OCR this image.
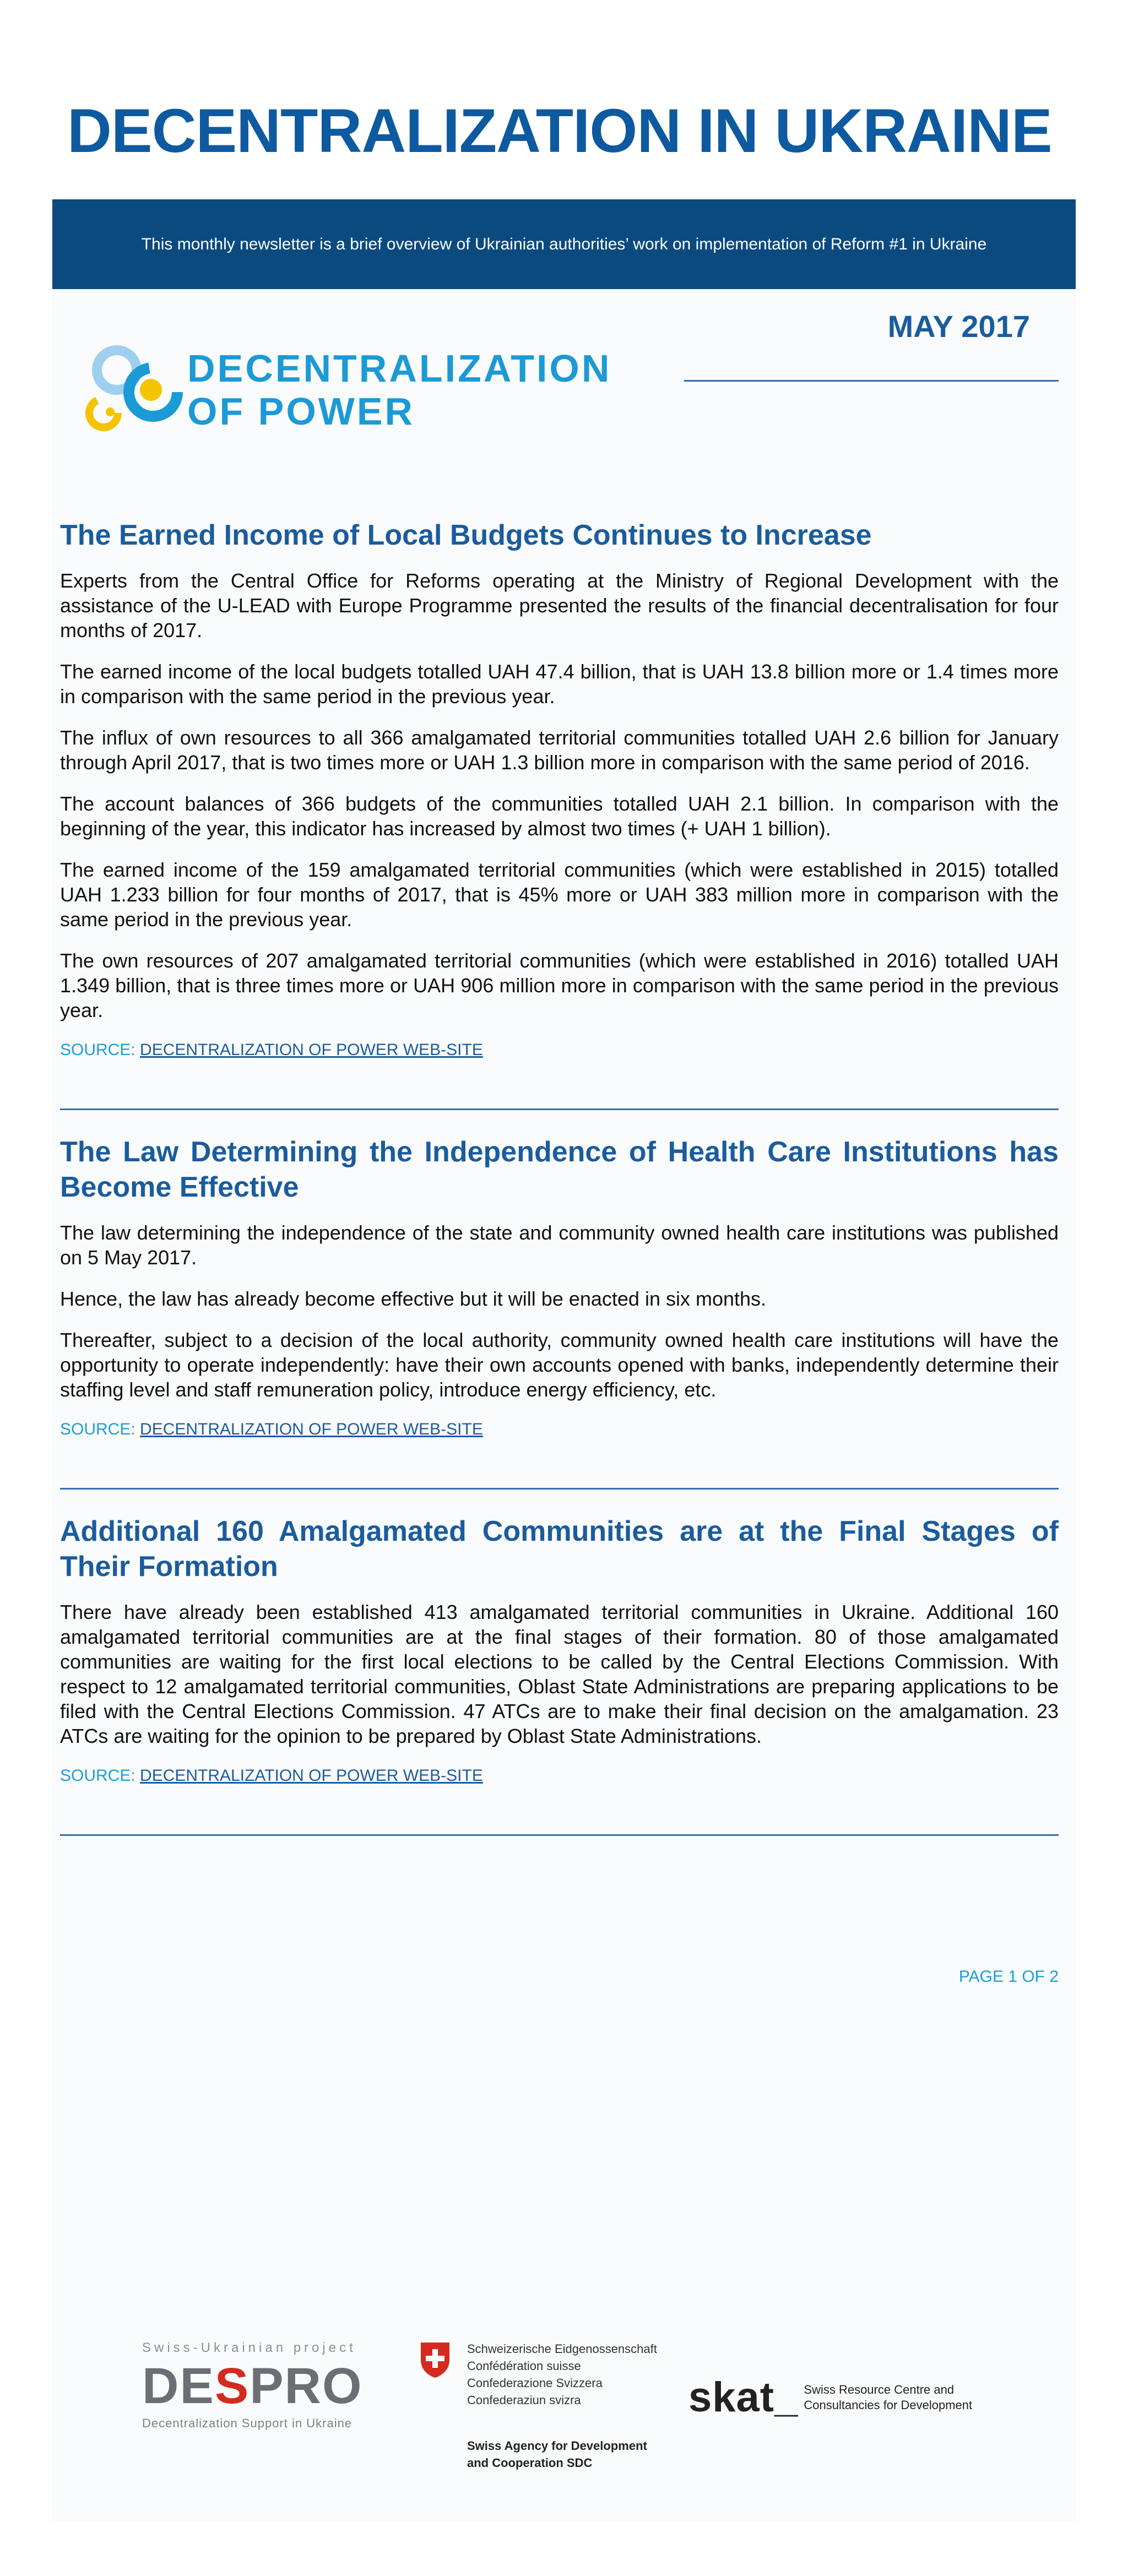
DECENTRALIZATION IN UKRAINE
This monthly newsletter is a brief overview of Ukrainian authorities’ work on implementation of Reform #1 in Ukraine
DECENTRALIZATION
OF POWER
MAY 2017
The Earned Income of Local Budgets Continues to Increase

Experts from the Central Office for Reforms operating at the Ministry of Regional Development with the assistance of the U-LEAD with Europe Programme presented the results of the financial decentralisation for four months of 2017.

The earned income of the local budgets totalled UAH 47.4 billion, that is UAH 13.8 billion more or 1.4 times more in comparison with the same period in the previous year.

The influx of own resources to all 366 amalgamated territorial communities totalled UAH 2.6 billion for January through April 2017, that is two times more or UAH 1.3 billion more in comparison with the same period of 2016.

The account balances of 366 budgets of the communities totalled UAH 2.1 billion. In comparison with the beginning of the year, this indicator has increased by almost two times (+ UAH 1 billion).

The earned income of the 159 amalgamated territorial communities (which were established in 2015) totalled UAH 1.233 billion for four months of 2017, that is 45% more or UAH 383 million more in comparison with the same period in the previous year.

The own resources of 207 amalgamated territorial communities (which were established in 2016) totalled UAH 1.349 billion, that is three times more or UAH 906 million more in comparison with the same period in the previous year.

SOURCE: DECENTRALIZATION OF POWER WEB-SITE
The Law Determining the Independence of Health Care Institutions has Become Effective

The law determining the independence of the state and community owned health care institutions was published on 5 May 2017.

Hence, the law has already become effective but it will be enacted in six months.

Thereafter, subject to a decision of the local authority, community owned health care institutions will have the opportunity to operate independently: have their own accounts opened with banks, independently determine their staffing level and staff remuneration policy, introduce energy efficiency, etc.

SOURCE: DECENTRALIZATION OF POWER WEB-SITE
Additional 160 Amalgamated Communities are at the Final Stages of Their Formation

There have already been established 413 amalgamated territorial communities in Ukraine. Additional 160 amalgamated territorial communities are at the final stages of their formation. 80 of those amalgamated communities are waiting for the first local elections to be called by the Central Elections Commission. With respect to 12 amalgamated territorial communities, Oblast State Administrations are preparing applications to be filed with the Central Elections Commission. 47 ATCs are to make their final decision on the amalgamation. 23 ATCs are waiting for the opinion to be prepared by Oblast State Administrations.

SOURCE: DECENTRALIZATION OF POWER WEB-SITE
PAGE 1 OF 2
Swiss-Ukrainian project
DESPRO
Decentralization Support in Ukraine
Schweizerische Eidgenossenschaft
Confédération suisse
Confederazione Svizzera
Confederaziun svizra
Swiss Agency for Development and Cooperation SDC
skat_ Swiss Resource Centre and
Consultancies for Development
